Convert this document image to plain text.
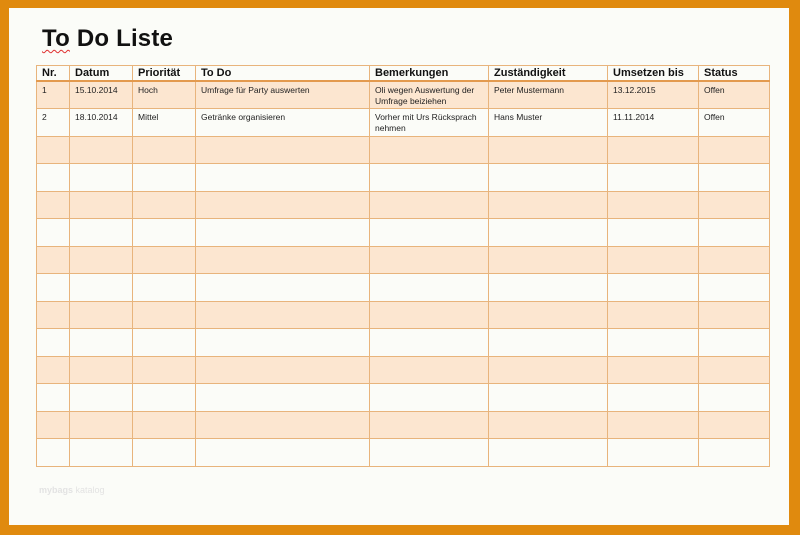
To Do Liste
Nr.	Datum	Priorität	To Do	Bemerkungen	Zuständigkeit	Umsetzen bis	Status
1	15.10.2014	Hoch	Umfrage für Party auswerten	Oli wegen Auswertung der Umfrage beiziehen	Peter Mustermann	13.12.2015	Offen
2	18.10.2014	Mittel	Getränke organisieren	Vorher mit Urs Rücksprach nehmen	Hans Muster	11.11.2014	Offen

mybags katalog
